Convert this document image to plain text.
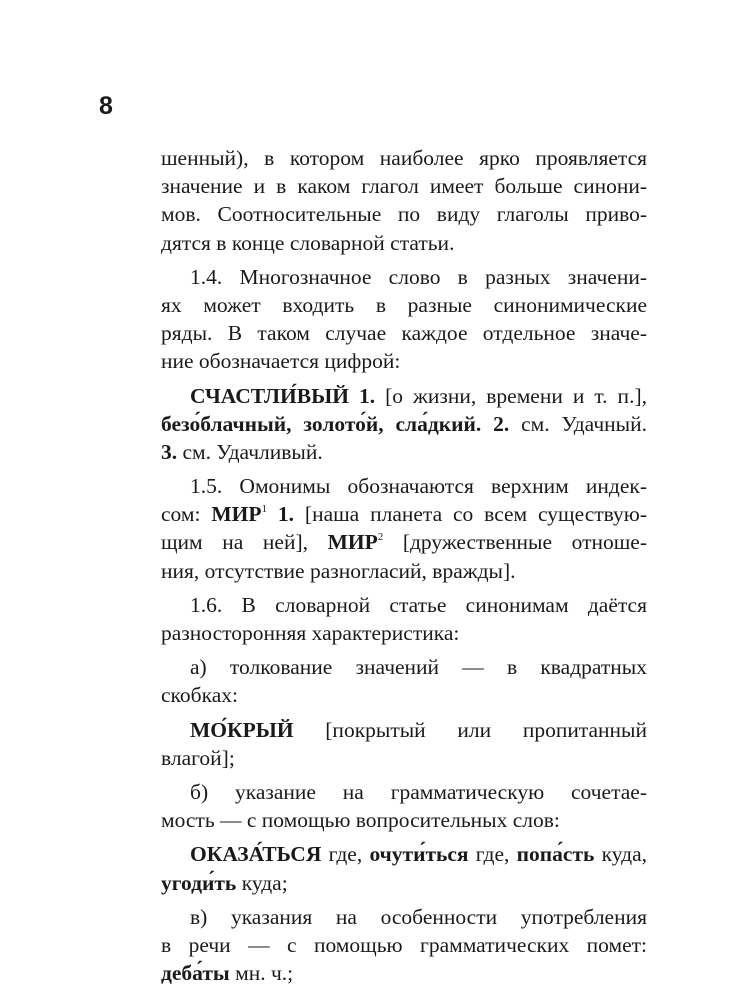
8
шенный), в котором наиболее ярко проявляется
значение и в каком глагол имеет больше синони-
мов. Соотносительные по виду глаголы приво-
дятся в конце словарной статьи.
1.4. Многозначное слово в разных значени-
ях может входить в разные синонимические
ряды. В таком случае каждое отдельное значе-
ние обозначается цифрой:
СЧАСТЛИ́ВЫЙ 1. [о жизни, времени и т. п.],
безо́блачный, золото́й, сла́дкий. 2. см. Удачный.
3. см. Удачливый.
1.5. Омонимы обозначаются верхним индек-
сом: МИР$^1$ 1. [наша планета со всем существую-
щим на ней], МИР$^2$ [дружественные отноше-
ния, отсутствие разногласий, вражды].
1.6. В словарной статье синонимам даётся
разносторонняя характеристика:
а) толкование значений — в квадратных
скобках:
МО́КРЫЙ [покрытый или пропитанный
влагой];
б) указание на грамматическую сочетае-
мость — с помощью вопросительных слов:
ОКАЗА́ТЬСЯ где, очути́ться где, попа́сть куда,
угоди́ть куда;
в) указания на особенности употребления
в речи — с помощью грамматических помет:
деба́ты мн. ч.;
